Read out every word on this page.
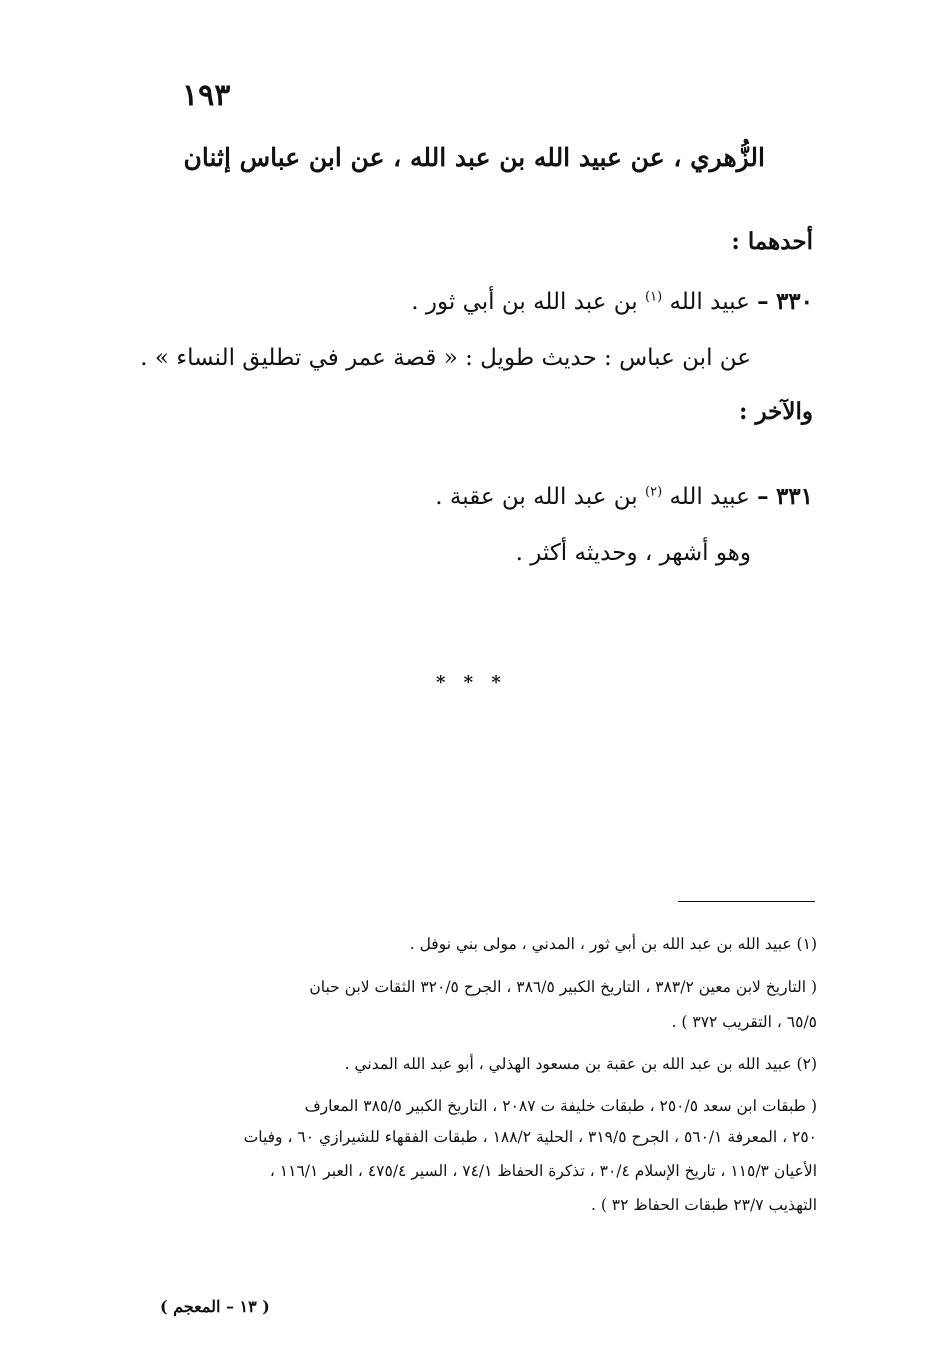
١٩٣
الزُّهري ، عن عبيد الله بن عبد الله ، عن ابن عباس إثنان
أحدهما :
٣٣٠ – عبيد الله $^{(١)}$ بن عبد الله بن أبي ثور .
عن ابن عباس : حديث طويل : « قصة عمر في تطليق النساء » .
والآخر :
٣٣١ – عبيد الله $^{(٢)}$ بن عبد الله بن عقبة .
وهو أشهر ، وحديثه أكثر .
* * *
(١) عبيد الله بن عبد الله بن أبي ثور ، المدني ، مولى بني نوفل .
( التاريخ لابن معين ٣٨٣/٢ ، التاريخ الكبير ٣٨٦/٥ ، الجرح ٣٢٠/٥ الثقات لابن حبان
٦٥/٥ ، التقريب ٣٧٢ ) .
(٢) عبيد الله بن عبد الله بن عقبة بن مسعود الهذلي ، أبو عبد الله المدني .
( طبقات ابن سعد ٢٥٠/٥ ، طبقات خليفة ت ٢٠٨٧ ، التاريخ الكبير ٣٨٥/٥ المعارف
٢٥٠ ، المعرفة ٥٦٠/١ ، الجرح ٣١٩/٥ ، الحلية ١٨٨/٢ ، طبقات الفقهاء للشيرازي ٦٠ ، وفيات
الأعيان ١١٥/٣ ، تاريخ الإسلام ٣٠/٤ ، تذكرة الحفاظ ٧٤/١ ، السير ٤٧٥/٤ ، العبر ١١٦/١ ،
التهذيب ٢٣/٧ طبقات الحفاظ ٣٢ ) .
( ١٣ – المعجم )
